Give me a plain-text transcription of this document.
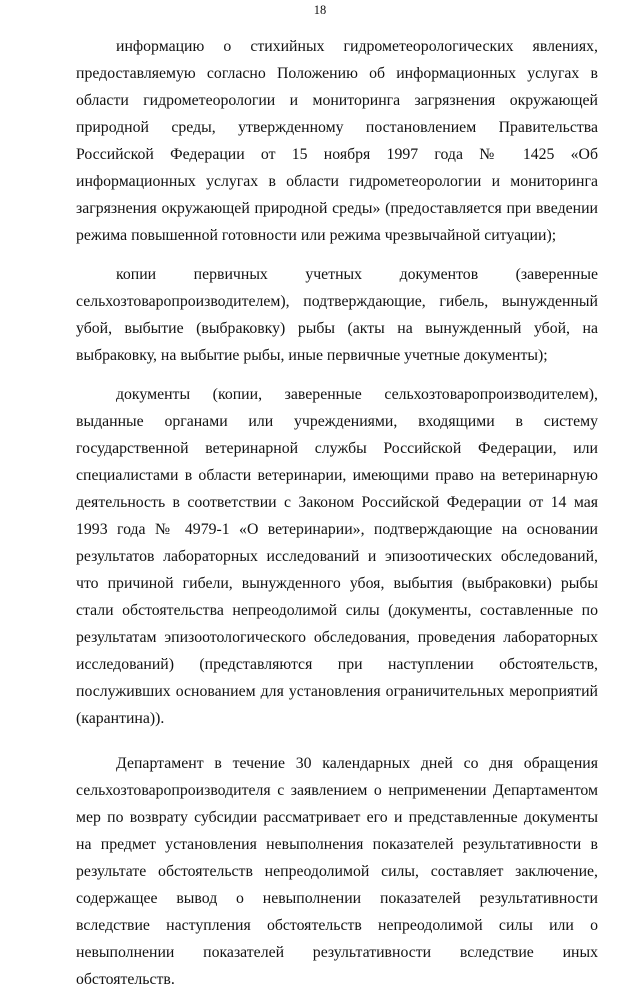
18

информацию о стихийных гидрометеорологических явлениях, предоставляемую согласно Положению об информационных услугах в области гидрометеорологии и мониторинга загрязнения окружающей природной среды, утвержденному постановлением Правительства Российской Федерации от 15 ноября 1997 года № 1425 «Об информационных услугах в области гидрометеорологии и мониторинга загрязнения окружающей природной среды» (предоставляется при введении режима повышенной готовности или режима чрезвычайной ситуации);

копии первичных учетных документов (заверенные сельхозтоваропроизводителем), подтверждающие, гибель, вынужденный убой, выбытие (выбраковку) рыбы (акты на вынужденный убой, на выбраковку, на выбытие рыбы, иные первичные учетные документы);

документы (копии, заверенные сельхозтоваропроизводителем), выданные органами или учреждениями, входящими в систему государственной ветеринарной службы Российской Федерации, или специалистами в области ветеринарии, имеющими право на ветеринарную деятельность в соответствии с Законом Российской Федерации от 14 мая 1993 года № 4979-1 «О ветеринарии», подтверждающие на основании результатов лабораторных исследований и эпизоотических обследований, что причиной гибели, вынужденного убоя, выбытия (выбраковки) рыбы стали обстоятельства непреодолимой силы (документы, составленные по результатам эпизоотологического обследования, проведения лабораторных исследований) (представляются при наступлении обстоятельств, послуживших основанием для установления ограничительных мероприятий (карантина)).

Департамент в течение 30 календарных дней со дня обращения сельхозтоваропроизводителя с заявлением о неприменении Департаментом мер по возврату субсидии рассматривает его и представленные документы на предмет установления невыполнения показателей результативности в результате обстоятельств непреодолимой силы, составляет заключение, содержащее вывод о невыполнении показателей результативности вследствие наступления обстоятельств непреодолимой силы или о невыполнении показателей результативности вследствие иных обстоятельств.
